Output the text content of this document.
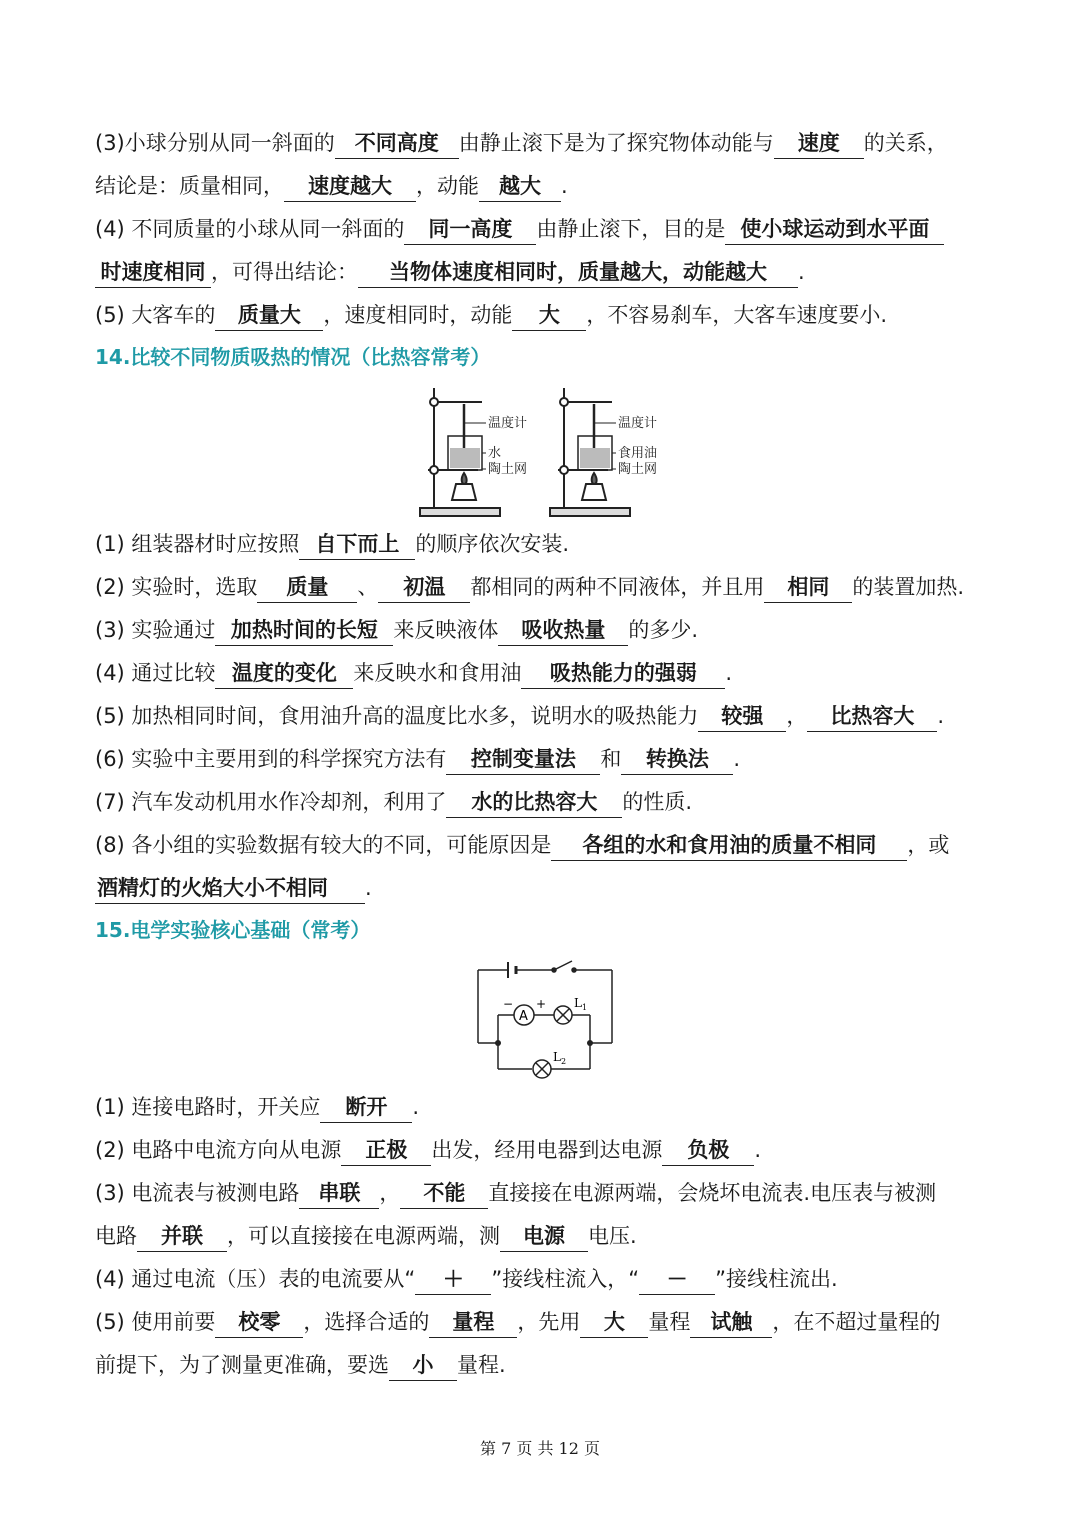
(3)小球分别从同一斜面的 不同高度 由静止滚下是为了探究物体动能与 速度 的关系，
结论是：质量相同， 速度越大 ，动能 越大 .
(4) 不同质量的小球从同一斜面的 同一高度 由静止滚下，目的是 使小球运动到水平面
时速度相同 ，可得出结论： 当物体速度相同时，质量越大，动能越大 .
(5) 大客车的 质量大 ，速度相同时，动能 大 ，不容易刹车，大客车速度要小.
14.比较不同物质吸热的情况（比热容常考）
温度计
水
陶土网
温度计
食用油
陶土网
(1) 组装器材时应按照 自下而上 的顺序依次安装.
(2) 实验时，选取 质量 、 初温 都相同的两种不同液体，并且用 相同 的装置加热.
(3) 实验通过 加热时间的长短 来反映液体 吸收热量 的多少.
(4) 通过比较 温度的变化 来反映水和食用油 吸热能力的强弱 .
(5) 加热相同时间，食用油升高的温度比水多，说明水的吸热能力 较强 ， 比热容大 .
(6) 实验中主要用到的科学探究方法有 控制变量法 和 转换法 .
(7) 汽车发动机用水作冷却剂，利用了 水的比热容大 的性质.
(8) 各小组的实验数据有较大的不同，可能原因是 各组的水和食用油的质量不相同 ，或
酒精灯的火焰大小不相同 .
15.电学实验核心基础（常考）
A
− + $L_1$
$L_2$
(1) 连接电路时，开关应 断开 .
(2) 电路中电流方向从电源 正极 出发，经用电器到达电源 负极 .
(3) 电流表与被测电路 串联 ， 不能 直接接在电源两端，会烧坏电流表.电压表与被测
电路 并联 ，可以直接接在电源两端，测 电源 电压.
(4) 通过电流（压）表的电流要从“ ＋ ”接线柱流入，“ － ”接线柱流出.
(5) 使用前要 校零 ，选择合适的 量程 ，先用 大 量程 试触 ，在不超过量程的
前提下，为了测量更准确，要选 小 量程.
第 7 页 共 12 页
